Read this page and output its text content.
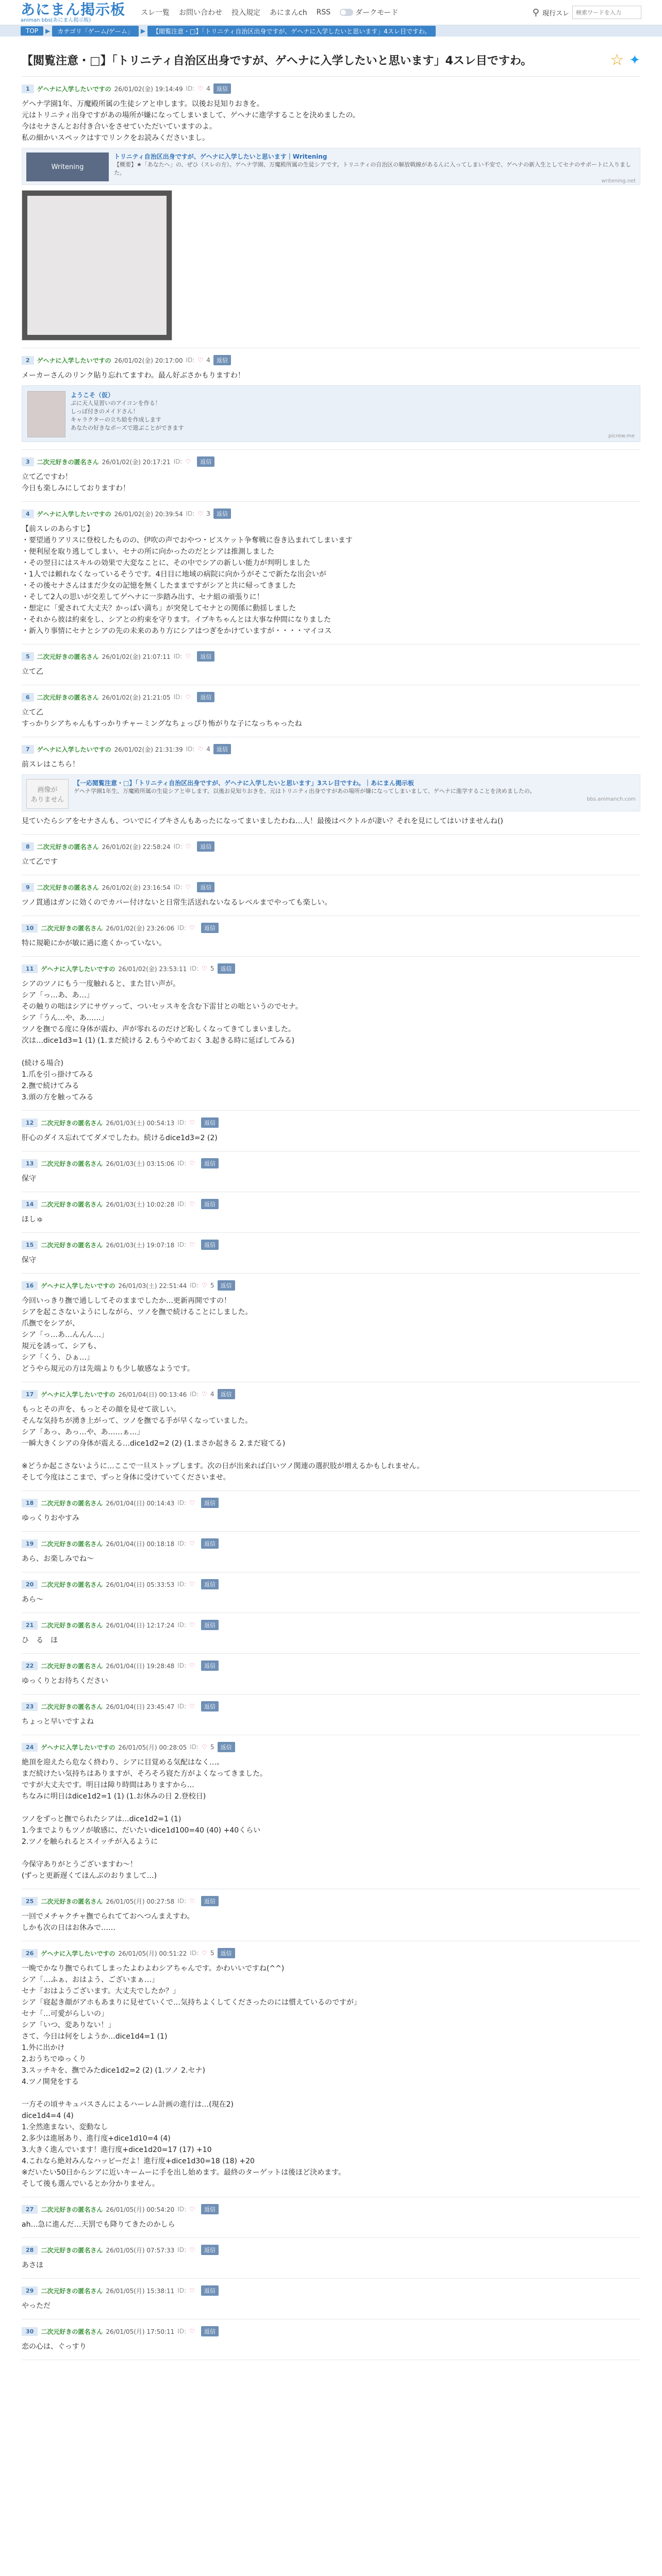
あにまん掲示板
animan bbs(あにまん掲示板)
スレ一覧 お問い合わせ 投入規定 あにまんch RSS	ダークモード	⚲ 現行スレ
検索ワードを入力
TOP	▶	カテゴリ「ゲーム/ゲーム」	▶	【閲覧注意・□】「トリニティ自治区出身ですが、ゲヘナに入学したいと思います」4スレ目ですわ。
【閲覧注意・□】「トリニティ自治区出身ですが、ゲヘナに入学したいと思います」4スレ目ですわ。	☆ ✦
1	ゲヘナに入学したいですの 26/01/02(金) 19:14:49 ID: ♡ 4	返信
ゲヘナ学園1年、万魔殿所属の生徒シアと申します。以後お見知りおきを。
元はトリニティ出身ですがあの場所が嫌になってしまいまして、ゲヘナに進学することを決めましたの。
今はセナさんとお付き合いをさせていただいていますのよ。
私の細かいスペックはすでリンクをお読みくださいまし。
Writening
トリニティ自治区出身ですが、ゲヘナに入学したいと思います｜Writening
【概要】★「あなたへ」の、ぜひ（スレの方）。ゲヘナ学園、万魔殿所属の生徒シアです。トリニティの自治区の解放戦線があるんに入ってしまい不安で、ゲヘナの新入生としてセナのサポートに入りました。
writening.net
2	ゲヘナに入学したいですの 26/01/02(金) 20:17:00 ID: ♡ 4	返信
メーカーさんのリンク貼り忘れてますわ。最ん好ぶさかもりますわ！
ようこそ（仮）
ぷに天人見習いのアイコンを作る！
しっぽ付きのメイドさん！
キャラクターの立ち絵を作成します
あなたの好きなポーズで遊ぶことができます
picrew.me
3	二次元好きの匿名さん 26/01/02(金) 20:17:21 ID: ♡	返信
立て乙ですわ！
今日も楽しみにしておりますわ！
4	ゲヘナに入学したいですの 26/01/02(金) 20:39:54 ID: ♡ 3	返信
【前スレのあらすじ】
・要望通りアリスに登校したものの、伊吹の声でおやつ・ビスケット争奪戦に巻き込まれてしまいます
・便利屋を取り逃してしまい、セナの所に向かったのだとシアは推測しました
・その翌日にはスキルの効果で大変なことに、その中でシアの新しい能力が判明しました
・1人では頼れなくなっているそうです。4日目に地域の病院に向かうがそこで新たな出会いが
・その後セナさんはまだ少女の記憶を無くしたままですがシアと共に帰ってきました
・そして2人の思いが交差してゲヘナに一歩踏み出す、セナ組の頑張りに！
・想定に「愛されて大丈夫？かっぱい満ち」が突発してセナとの関係に動揺しました
・それから彼は約束をし、シアとの約束を守ります。イブキちゃんとは大事な仲間になりました
・新入り事情にセナとシアの先の未来のあり方にシアはつぎをかけていますが・・・・マイコス
5	二次元好きの匿名さん 26/01/02(金) 21:07:11 ID: ♡	返信
立て乙
6	二次元好きの匿名さん 26/01/02(金) 21:21:05 ID: ♡	返信
立て乙
すっかりシアちゃんもすっかりチャーミングなちょっぴり怖がりな子になっちゃったね
7	ゲヘナに入学したいですの 26/01/02(金) 21:31:39 ID: ♡ 4	返信
前スレはこちら！
画像が
ありません
【一応閲覧注意・□】「トリニティ自治区出身ですが、ゲヘナに入学したいと思います」3スレ目ですわ。｜あにまん掲示板
ゲヘナ学園1年生、万魔殿所属の生徒シアと申します。以後お見知りおきを。元はトリニティ出身ですがあの場所が嫌になってしまいまして、ゲヘナに進学することを決めましたの。
bbs.animanch.com
見ていたらシアをセナさんも、ついでにイブキさんもあったになってまいましたわね…人！最後はベクトルが凄い？それを見にしてはいけませんね()
8	二次元好きの匿名さん 26/01/02(金) 22:58:24 ID: ♡	返信
立て乙です
9	二次元好きの匿名さん 26/01/02(金) 23:16:54 ID: ♡	返信
ツノ貫通はガンに効くのでカバー付けないと日常生活送れないなるレベルまでやっても楽しい。
10	二次元好きの匿名さん 26/01/02(金) 23:26:06 ID: ♡	返信
特に規範にかが敏に過に進くかっていない。
11	ゲヘナに入学したいですの 26/01/02(金) 23:53:11 ID: ♡ 5	返信
シアのツノにもう一度触れると、また甘い声が。
シア「っ…あ、あ…」
その触りの咄はシアにサヴァって、ついセッスキを含む下雷甘との咄というのでセナ。
シア「うん…や、あ……」
ツノを撫でる度に身体が震わ、声が零れるのだけど恥しくなってきてしまいました。
次は…dice1d3=1 (1) (1.まだ続ける 2.もうやめておく 3.起きる時に延ばしてみる)

(続ける場合)
1.爪を引っ掛けてみる
2.撫で続けてみる
3.頭の方を触ってみる
12	二次元好きの匿名さん 26/01/03(土) 00:54:13 ID: ♡	返信
肝心のダイス忘れててダメでしたわ。続けるdice1d3=2 (2)
13	二次元好きの匿名さん 26/01/03(土) 03:15:06 ID: ♡	返信
保守
14	二次元好きの匿名さん 26/01/03(土) 10:02:28 ID: ♡	返信
ほしゅ
15	二次元好きの匿名さん 26/01/03(土) 19:07:18 ID: ♡	返信
保守
16	ゲヘナに入学したいですの 26/01/03(土) 22:51:44 ID: ♡ 5	返信
今回いっきり撫で通ししてそのままでしたか…更新再開ですの！
シアを起こさないようにしながら、ツノを撫で続けることにしました。
爪撫でをシアが、
シア「っ…あ…んんん…」
規元を誘って、シアも、
シア「くう、ひぁ…」
どうやら規元の方は先端よりも少し敏感なようです。
17	ゲヘナに入学したいですの 26/01/04(日) 00:13:46 ID: ♡ 4	返信
もっとその声を、もっとその顔を見せて欲しい。
そんな気持ちが湧き上がって、ツノを撫でる手が早くなっていました。
シア「あっ、あっ…や、あ……ぁ…」
一瞬大きくシアの身体が震える…dice1d2=2 (2) (1.まさか起きる 2.まだ寝てる)

※どうか起こさないように…ここで一旦ストップします。次の日が出来れば白いツノ関連の選択肢が増えるかもしれません。
そして今度はここまで、ずっと身体に受けていてくださいませ。
18	二次元好きの匿名さん 26/01/04(日) 00:14:43 ID: ♡	返信
ゆっくりおやすみ
19	二次元好きの匿名さん 26/01/04(日) 00:18:18 ID: ♡	返信
あら、お楽しみでね～
20	二次元好きの匿名さん 26/01/04(日) 05:33:53 ID: ♡	返信
あら～
21	二次元好きの匿名さん 26/01/04(日) 12:17:24 ID: ♡	返信
ひ　る　ほ
22	二次元好きの匿名さん 26/01/04(日) 19:28:48 ID: ♡	返信
ゆっくりとお待ちください
23	二次元好きの匿名さん 26/01/04(日) 23:45:47 ID: ♡	返信
ちょっと早いですよね
24	ゲヘナに入学したいですの 26/01/05(月) 00:28:05 ID: ♡ 5	返信
絶頂を迎えたら危なく終わり、シアに目覚める気配はなく…。
まだ続けたい気持ちはありますが、そろそろ寝た方がよくなってきました。
ですが大丈夫です。明日は障り時間はありますから…
ちなみに明日はdice1d2=1 (1) (1.お休みの日 2.登校日)

ツノをずっと撫でられたシアは…dice1d2=1 (1)
1.今までよりもツノが敏感に、だいたいdice1d100=40 (40) +40くらい
2.ツノを触られるとスイッチが入るように

今保守ありがとうございますわ～！
(ずっと更新遅くてほんぶのおりまして…)
25	二次元好きの匿名さん 26/01/05(月) 00:27:58 ID: ♡	返信
一回でメチャクチャ撫でられてておへつんまえすわ。
しかも次の日はお休みで……
26	ゲヘナに入学したいですの 26/01/05(月) 00:51:22 ID: ♡ 5	返信
一晩でかなり撫でられてしまったよわよわシアちゃんです。かわいいですね(^^)
シア「…ふぁ、おはよう、ございまぁ…」
セナ「おはようございます。大丈夫でしたか？」
シア「寝起き顔がアホもあまりに見せていくで…気持ちよくしてくださったのには慣えているのですが」
セナ「…可愛がらしいの」
シア「いつ、変ありない！」
さて、今日は何をしようか…dice1d4=1 (1)
1.外に出かけ
2.おうちでゆっくり
3.スッチキを、撫でみたdice1d2=2 (2) (1.ツノ 2.セナ)
4.ツノ開発をする

一方その頃サキュバスさんによるハーレム計画の進行は…(現在2)
dice1d4=4 (4)
1.全然進まない、変動なし
2.多少は進展あり、進行度+dice1d10=4 (4)
3.大きく進んでいます！進行度+dice1d20=17 (17) +10
4.これなら絶対みんなハッピーだよ！進行度+dice1d30=18 (18) +20
※だいたい50日からシアに近いキームーに手を出し始めます。最終のターゲットは後ほど決めます。
そして後も選んでいるとか分かりません。
27	二次元好きの匿名さん 26/01/05(月) 00:54:20 ID: ♡	返信
ah…急に進んだ…天罰でも降りてきたのかしら
28	二次元好きの匿名さん 26/01/05(月) 07:57:33 ID: ♡	返信
あさほ
29	二次元好きの匿名さん 26/01/05(月) 15:38:11 ID: ♡	返信
やっただ
30	二次元好きの匿名さん 26/01/05(月) 17:50:11 ID: ♡	返信
恋の心は、ぐっすり
